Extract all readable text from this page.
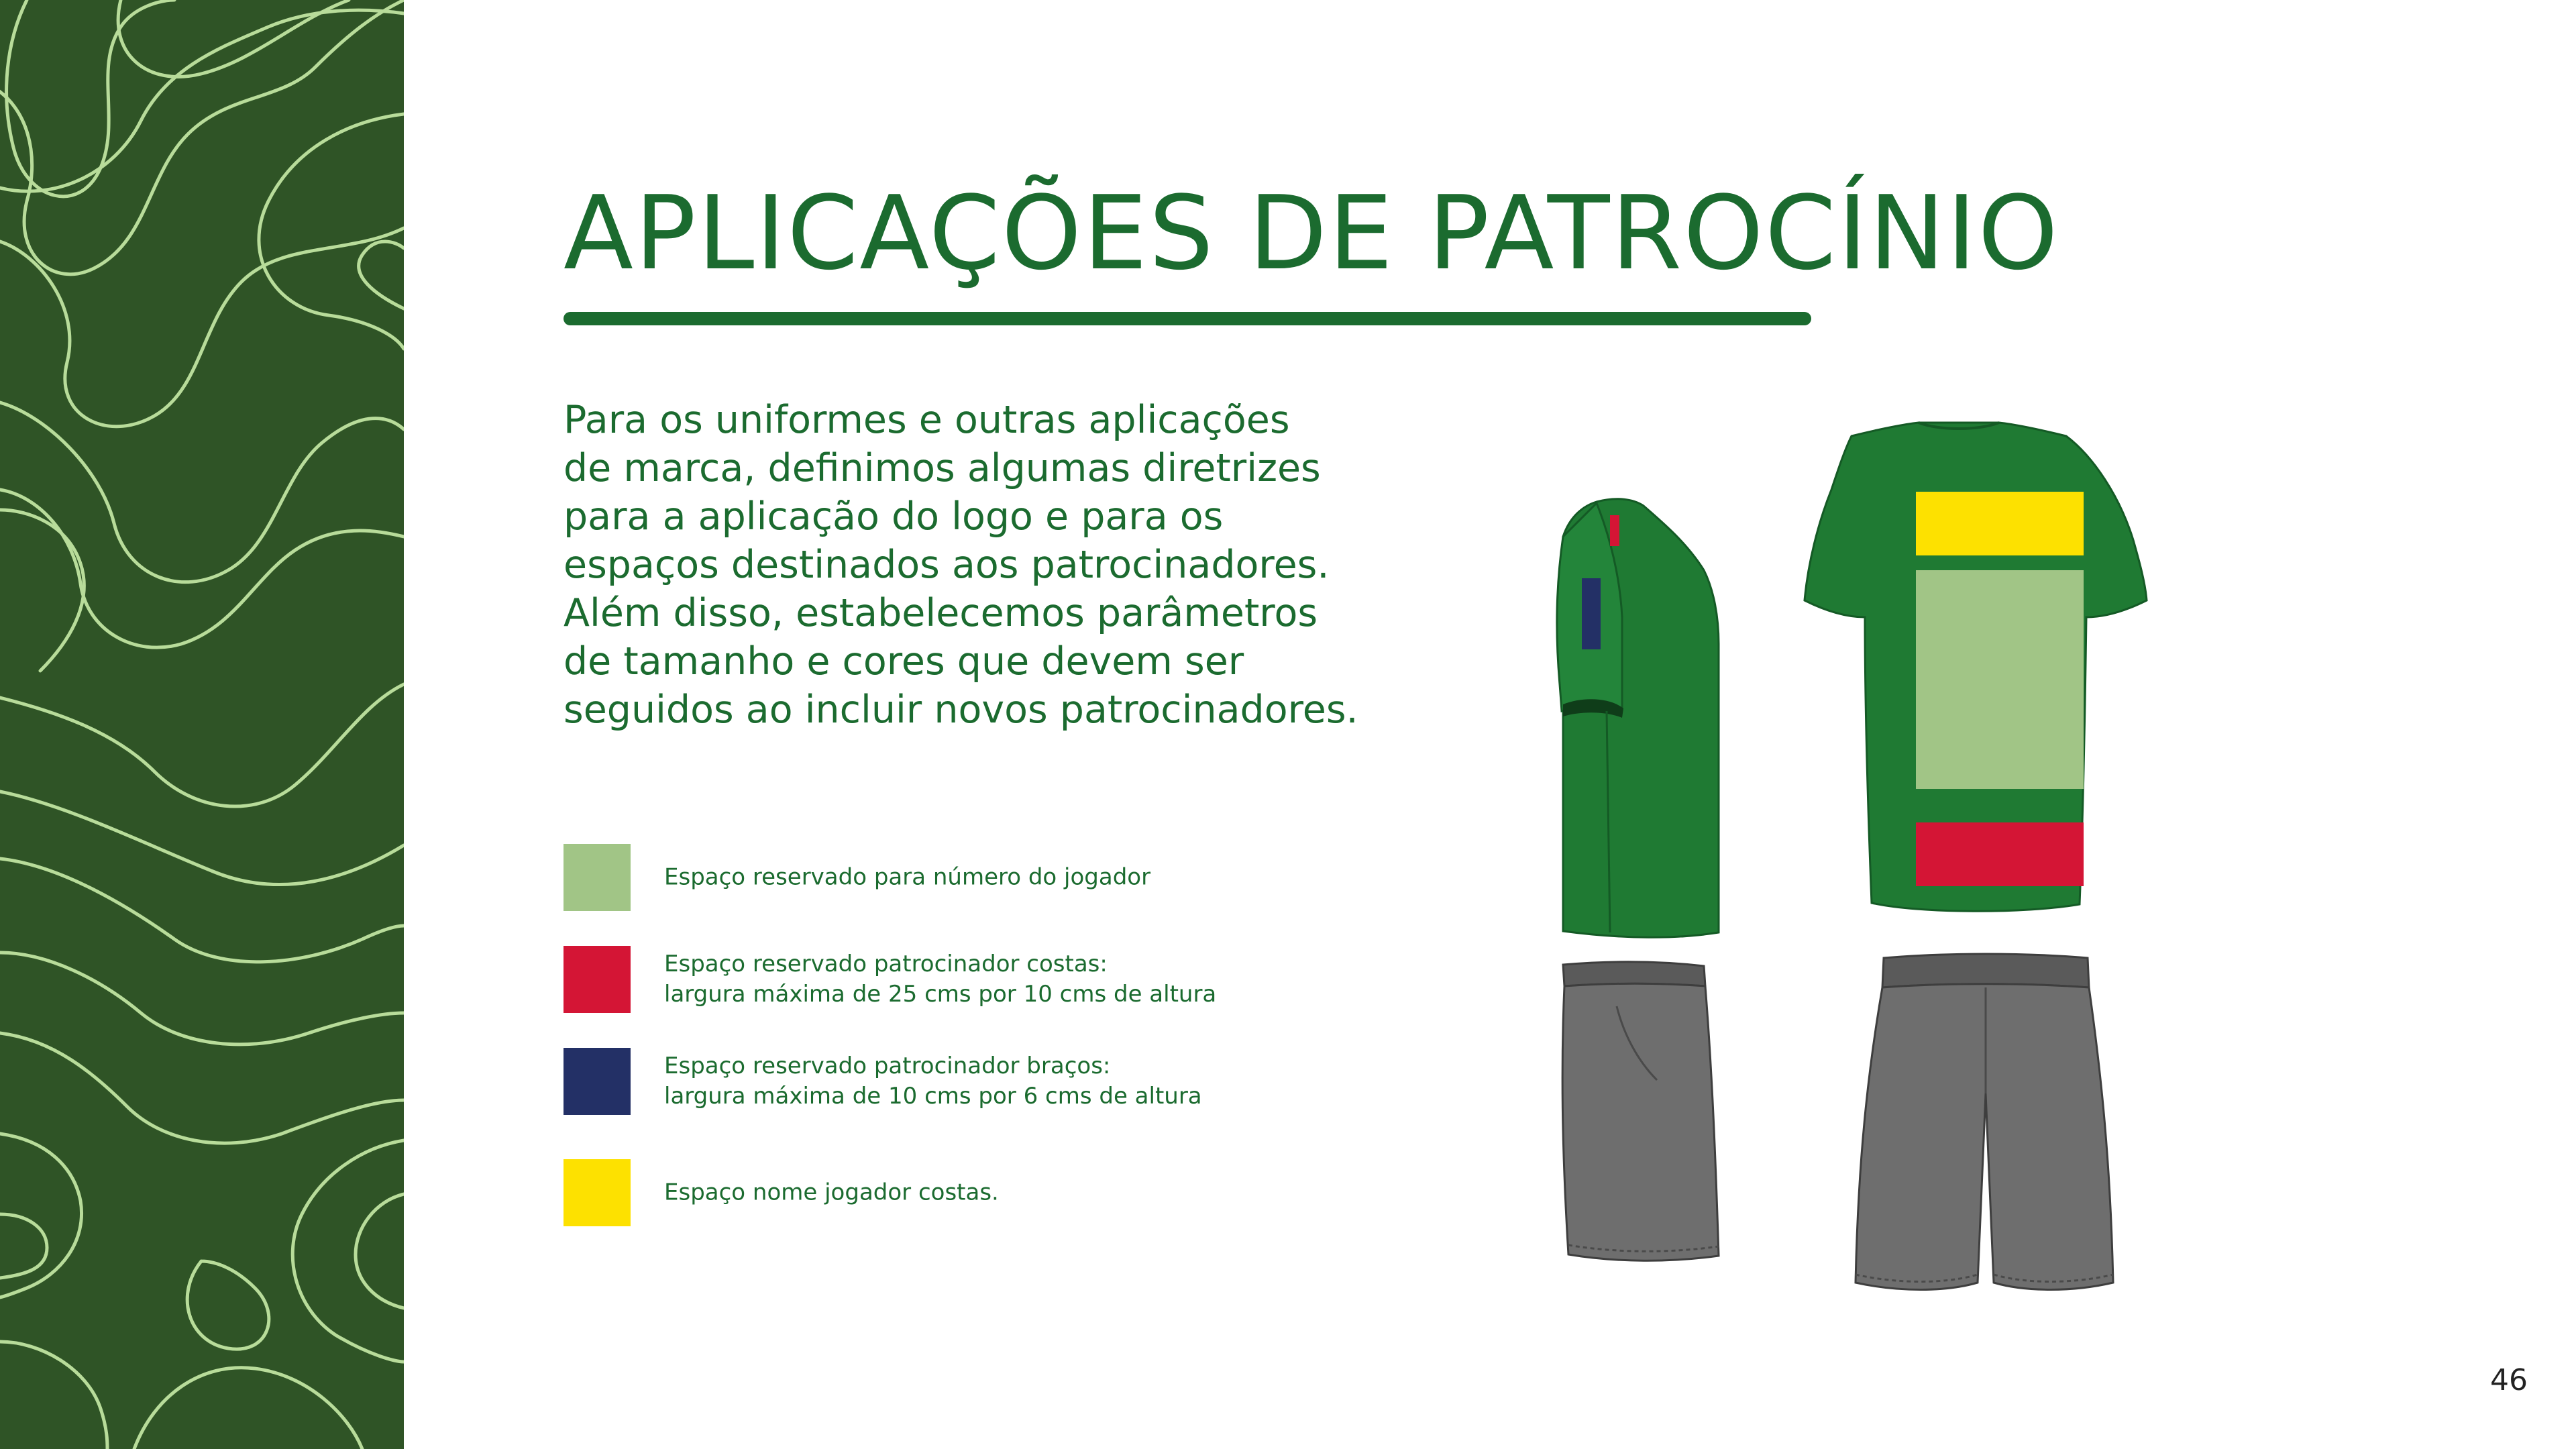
APLICAÇÕES DE PATROCÍNIO

Para os uniformes e outras aplicações
de marca, definimos algumas diretrizes
para a aplicação do logo e para os
espaços destinados aos patrocinadores.
Além disso, estabelecemos parâmetros
de tamanho e cores que devem ser
seguidos ao incluir novos patrocinadores.

Espaço reservado para número do jogador
Espaço reservado patrocinador costas:
largura máxima de 25 cms por 10 cms de altura
Espaço reservado patrocinador braços:
largura máxima de 10 cms por 6 cms de altura
Espaço nome jogador costas.
46
